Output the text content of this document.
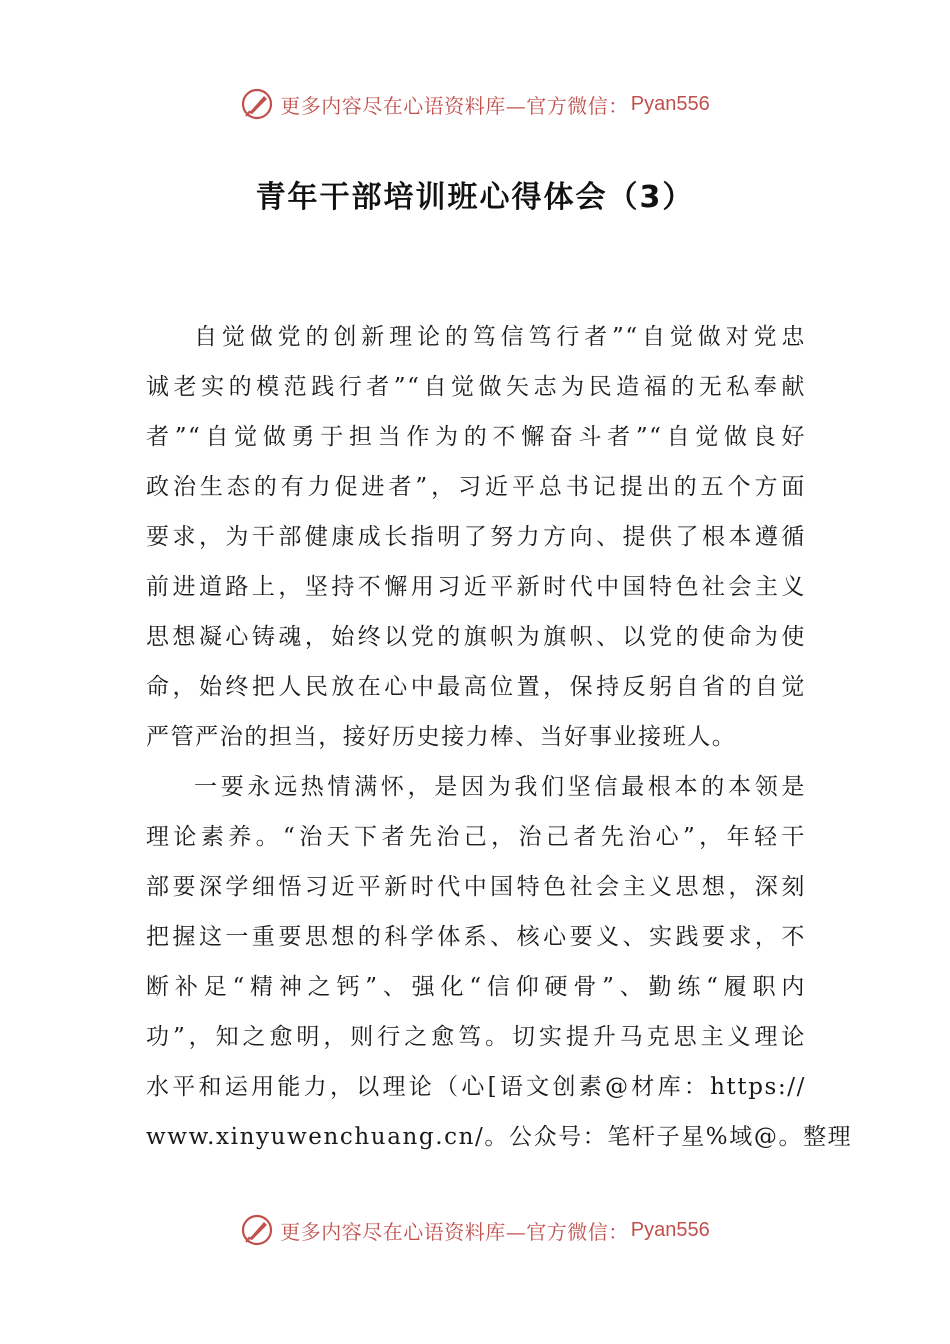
更多内容尽在心语资料库—官方微信： Pyan556
青年干部培训班心得体会（3）
自觉做党的创新理论的笃信笃行者”“自觉做对党忠
诚老实的模范践行者”“自觉做矢志为民造福的无私奉献
者”“自觉做勇于担当作为的不懈奋斗者”“自觉做良好
政治生态的有力促进者”，习近平总书记提出的五个方面
要求，为干部健康成长指明了努力方向、提供了根本遵循
前进道路上，坚持不懈用习近平新时代中国特色社会主义
思想凝心铸魂，始终以党的旗帜为旗帜、以党的使命为使
命，始终把人民放在心中最高位置，保持反躬自省的自觉
严管严治的担当，接好历史接力棒、当好事业接班人。
一要永远热情满怀，是因为我们坚信最根本的本领是
理论素养。“治天下者先治己，治己者先治心”，年轻干
部要深学细悟习近平新时代中国特色社会主义思想，深刻
把握这一重要思想的科学体系、核心要义、实践要求，不
断补足“精神之钙”、强化“信仰硬骨”、勤练“履职内
功”，知之愈明，则行之愈笃。切实提升马克思主义理论
水平和运用能力，以理论（心[语文创素@材库：https://
www.xinyuwenchuang.cn/。公众号：笔杆子星%域@。整理
更多内容尽在心语资料库—官方微信： Pyan556
